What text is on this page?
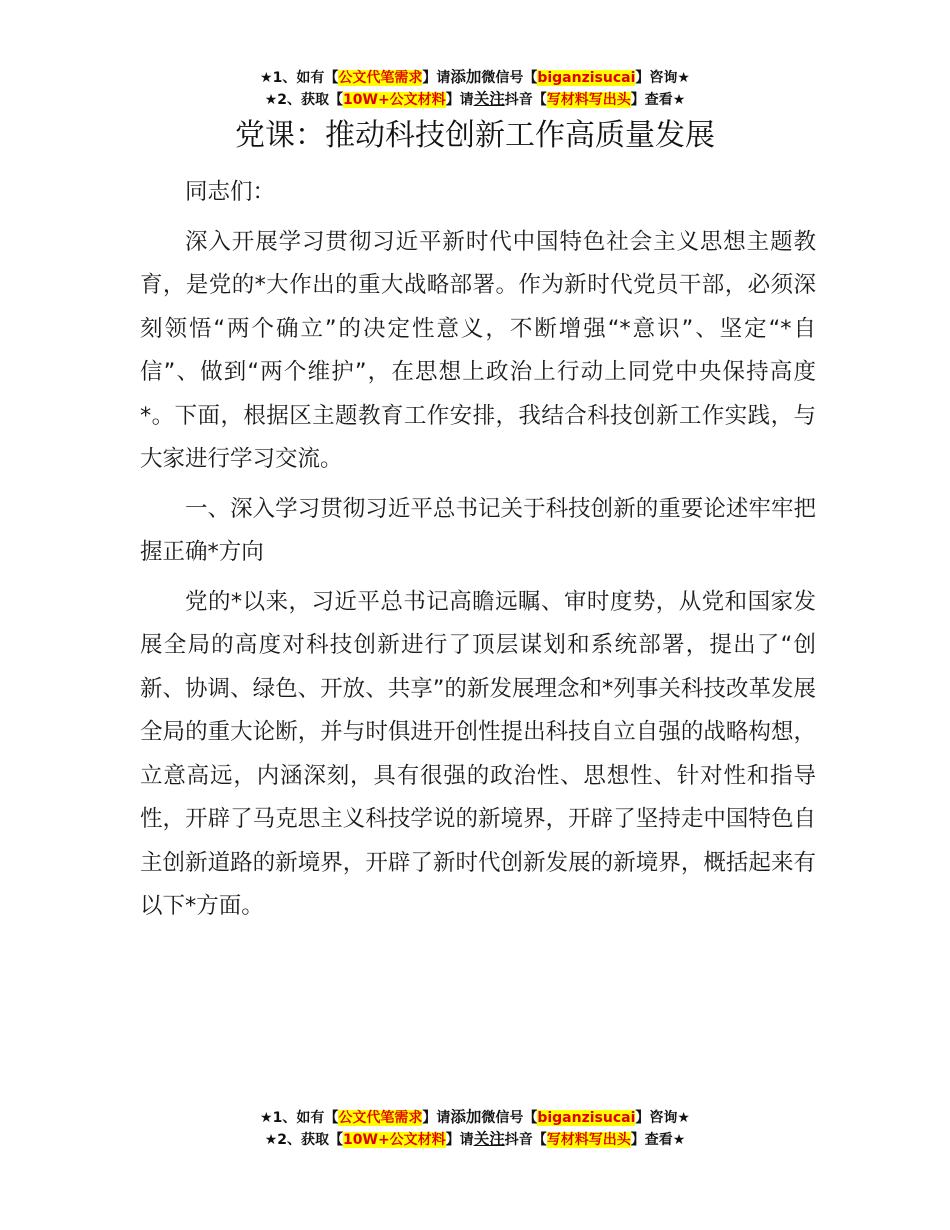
★1、如有【公文代笔需求】请添加微信号【biganzisucai】咨询★
★2、获取【10W+公文材料】请关注抖音【写材料写出头】查看★
党课：推动科技创新工作高质量发展

同志们：

深入开展学习贯彻习近平新时代中国特色社会主义思想主题教育，是党的*大作出的重大战略部署。作为新时代党员干部，必须深刻领悟“两个确立”的决定性意义，不断增强“*意识”、坚定“*自信”、做到“两个维护”，在思想上政治上行动上同党中央保持高度*。下面，根据区主题教育工作安排，我结合科技创新工作实践，与大家进行学习交流。

一、深入学习贯彻习近平总书记关于科技创新的重要论述牢牢把握正确*方向

党的*以来，习近平总书记高瞻远瞩、审时度势，从党和国家发展全局的高度对科技创新进行了顶层谋划和系统部署，提出了“创新、协调、绿色、开放、共享”的新发展理念和*列事关科技改革发展全局的重大论断，并与时俱进开创性提出科技自立自强的战略构想，立意高远，内涵深刻，具有很强的政治性、思想性、针对性和指导性，开辟了马克思主义科技学说的新境界，开辟了坚持走中国特色自主创新道路的新境界，开辟了新时代创新发展的新境界，概括起来有以下*方面。

★1、如有【公文代笔需求】请添加微信号【biganzisucai】咨询★
★2、获取【10W+公文材料】请关注抖音【写材料写出头】查看★
